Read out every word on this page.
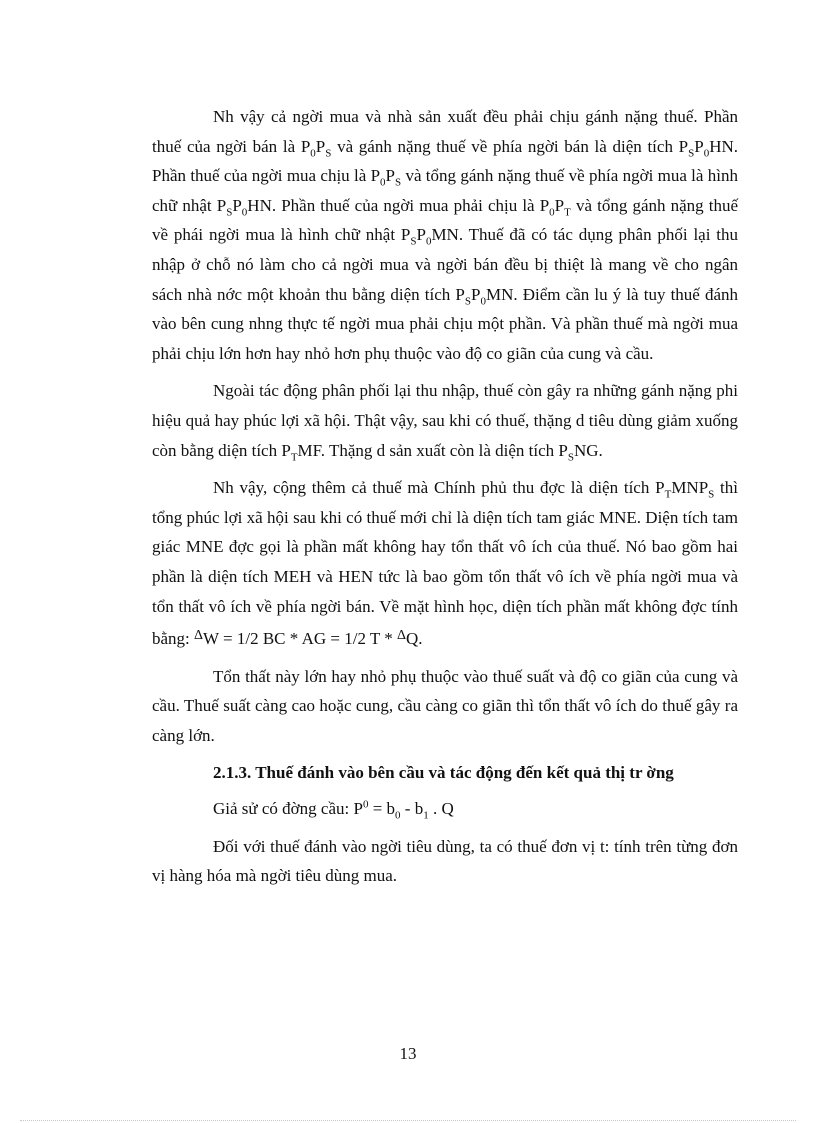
Nh vậy cả ngời mua và nhà sản xuất đều phải chịu gánh nặng thuế. Phần thuế của ngời bán là $P_0P_S$ và gánh nặng thuế về phía ngời bán là diện tích $P_SP_0HN$. Phần thuế của ngời mua chịu là $P_0P_S$ và tổng gánh nặng thuế về phía ngời mua là hình chữ nhật $P_SP_0HN$. Phần thuế của ngời mua phải chịu là $P_0P_T$ và tổng gánh nặng thuế về phái ngời mua là hình chữ nhật $P_SP_0MN$. Thuế đã có tác dụng phân phối lại thu nhập ở chỗ nó làm cho cả ngời mua và ngời bán đều bị thiệt là mang về cho ngân sách nhà nớc một khoản thu bằng diện tích $P_SP_0MN$. Điểm cần lu ý là tuy thuế đánh vào bên cung nhng thực tế ngời mua phải chịu một phần. Và phần thuế mà ngời mua phải chịu lớn hơn hay nhỏ hơn phụ thuộc vào độ co giãn của cung và cầu.

Ngoài tác động phân phối lại thu nhập, thuế còn gây ra những gánh nặng phi hiệu quả hay phúc lợi xã hội. Thật vậy, sau khi có thuế, thặng d tiêu dùng giảm xuống còn bằng diện tích $P_TMF$. Thặng d sản xuất còn là diện tích $P_SNG$.

Nh vậy, cộng thêm cả thuế mà Chính phủ thu đợc là diện tích $P_TMNP_S$ thì tổng phúc lợi xã hội sau khi có thuế mới chỉ là diện tích tam giác MNE. Diện tích tam giác MNE đợc gọi là phần mất không hay tổn thất vô ích của thuế. Nó bao gồm hai phần là diện tích MEH và HEN tức là bao gồm tổn thất vô ích về phía ngời mua và tổn thất vô ích về phía ngời bán. Về mặt hình học, diện tích phần mất không đợc tính bằng: $^\Delta$W = 1/2 BC * AG = 1/2 T * $^\Delta$Q.

Tổn thất này lớn hay nhỏ phụ thuộc vào thuế suất và độ co giãn của cung và cầu. Thuế suất càng cao hoặc cung, cầu càng co giãn thì tổn thất vô ích do thuế gây ra càng lớn.

2.1.3. Thuế đánh vào bên cầu và tác động đến kết quả thị tr ờng

Giả sử có đờng cầu: $P^0 = b_0 - b_1$ . Q

Đối với thuế đánh vào ngời tiêu dùng, ta có thuế đơn vị t: tính trên từng đơn vị hàng hóa mà ngời tiêu dùng mua.

13
